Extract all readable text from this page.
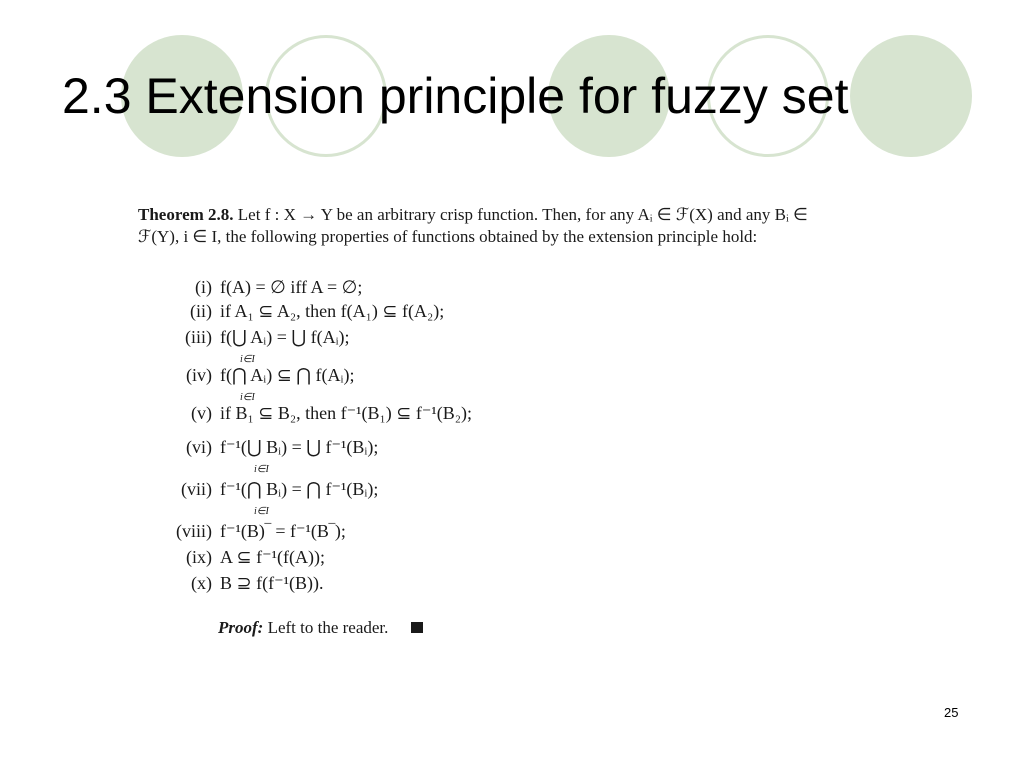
2.3 Extension principle for fuzzy set
Theorem 2.8. Let f : X → Y be an arbitrary crisp function. Then, for any Aᵢ ∈ ℱ(X) and any Bᵢ ∈ ℱ(Y), i ∈ I, the following properties of functions obtained by the extension principle hold:
(i) f(A) = ∅ iff A = ∅;
(ii) if A₁ ⊆ A₂, then f(A₁) ⊆ f(A₂);
(iii) f(⋃ Aᵢ) = ⋃ f(Aᵢ);
i∈I
(iv) f(⋂ Aᵢ) ⊆ ⋂ f(Aᵢ);
i∈I
(v) if B₁ ⊆ B₂, then f⁻¹(B₁) ⊆ f⁻¹(B₂);
(vi) f⁻¹(⋃ Bᵢ) = ⋃ f⁻¹(Bᵢ);
i∈I
(vii) f⁻¹(⋂ Bᵢ) = ⋂ f⁻¹(Bᵢ);
i∈I
(viii) f⁻¹(B)‾ = f⁻¹(B‾);
(ix) A ⊆ f⁻¹(f(A));
(x) B ⊇ f(f⁻¹(B)).
Proof: Left to the reader.
25
